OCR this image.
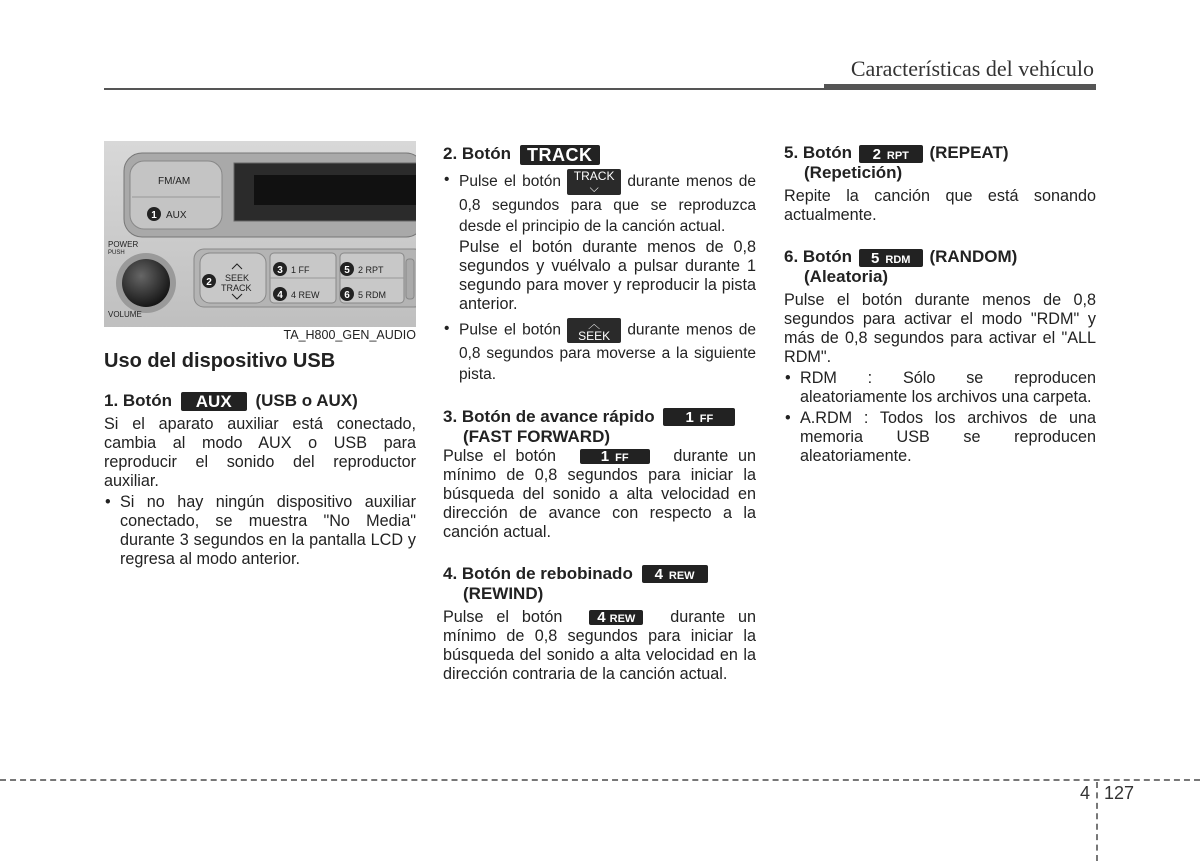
Características del vehículo
FM/AM
1 AUX
POWER
PUSH
VOLUME
2 SEEK
TRACK
3 1 FF
4 4 REW
5 2 RPT
6 5 RDM
TA_H800_GEN_AUDIO

Uso del dispositivo USB

1. Botón AUX (USB o AUX)

Si el aparato auxiliar está conectado, cambia al modo AUX o USB para reproducir el sonido del reproductor auxiliar.

• Si no hay ningún dispositivo auxiliar conectado, se muestra "No Media" durante 3 segundos en la pantalla LCD y regresa al modo anterior.

2. Botón TRACK

• Pulse el botón TRACK
⌵ durante menos de 0,8 segundos para que se reproduzca desde el principio de la canción actual.

Pulse el botón durante menos de 0,8 segundos y vuélvalo a pulsar durante 1 segundo para mover y reproducir la pista anterior.

• Pulse el botón ︿
SEEK durante menos de 0,8 segundos para moverse a la siguiente pista.

3. Botón de avance rápido 1 FF

(FAST FORWARD)

Pulse el botón	1 FF	durante un mínimo de 0,8 segundos para iniciar la búsqueda del sonido a alta velocidad en dirección de avance con respecto a la canción actual.

4. Botón de rebobinado 4 REW

(REWIND)

Pulse el botón 4 REW durante un mínimo de 0,8 segundos para iniciar la búsqueda del sonido a alta velocidad en la dirección contraria de la canción actual.

5. Botón 2 RPT (REPEAT)

(Repetición)

Repite la canción que está sonando actualmente.

6. Botón 5 RDM (RANDOM)

(Aleatoria)

Pulse el botón durante menos de 0,8 segundos para activar el modo "RDM" y más de 0,8 segundos para activar el "ALL RDM".

• RDM : Sólo se reproducen aleatoriamente los archivos una carpeta.

• A.RDM : Todos los archivos de una memoria USB se reproducen aleatoriamente.

4 127
